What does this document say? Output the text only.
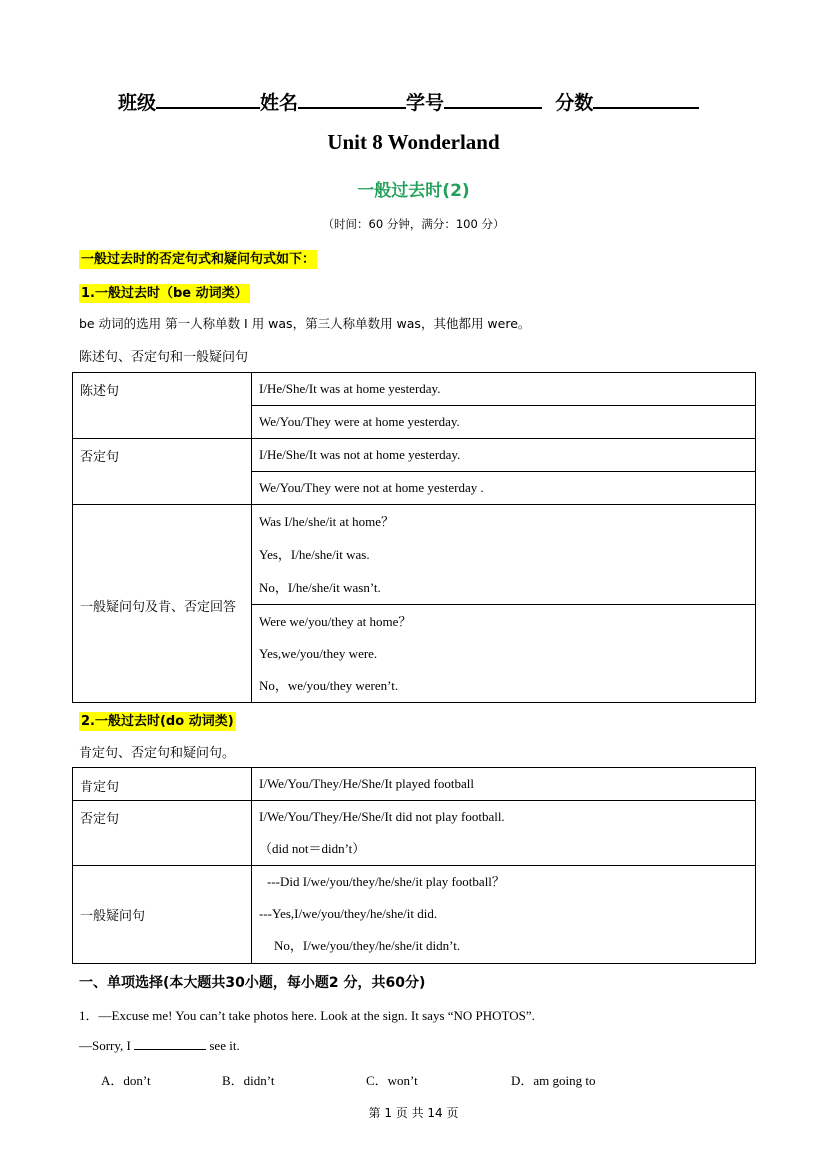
班级	姓名	学号	分数
Unit 8 Wonderland
一般过去时(2)
（时间：60 分钟，满分：100 分）
一般过去时的否定句式和疑问句式如下：
1.一般过去时（be 动词类）
be 动词的选用 第一人称单数 I 用 was，第三人称单数用 was，其他都用 were。
陈述句、否定句和一般疑问句
陈述句	I/He/She/It was at home yesterday.

	We/You/They were at home yesterday.

否定句	I/He/She/It was not at home yesterday.

	We/You/They were not at home yesterday .

一般疑问句及肯、否定回答	Was I/he/she/it at home？
Yes，I/he/she/it was.
No，I/he/she/it wasn’t.

	Were we/you/they at home？
Yes,we/you/they were.
No，we/you/they weren’t.
2.一般过去时(do 动词类)
肯定句、否定句和疑问句。
肯定句	I/We/You/They/He/She/It played football

否定句	I/We/You/They/He/She/It did not play football.
（did not＝didn’t）

一般疑问句	---Did I/we/you/they/he/she/it play football？
---Yes,I/we/you/they/he/she/it did.
No，I/we/you/they/he/she/it didn’t.
一、单项选择(本大题共30小题，每小题2 分，共60分)
1．—Excuse me! You can’t take photos here. Look at the sign. It says “NO PHOTOS”.
—Sorry, I	see it.
A．don’t	B．didn’t	C．won’t	D．am going to
第 1 页 共 14 页
